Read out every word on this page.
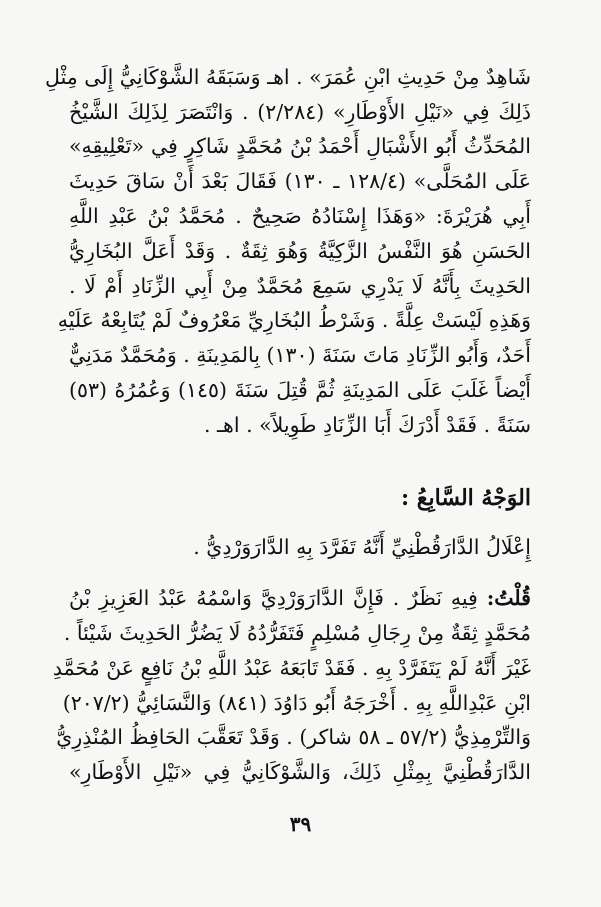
شَاهِدٌ مِنْ حَدِيثِ ابْنِ عُمَرَ» . اهـ وَسَبَقَهُ الشَّوْكَانِيُّ إِلَى مِثْلِ
ذَلِكَ فِي «نَيْلِ الأَوْطَارِ» (٢/٢٨٤) . وَانْتَصَرَ لِذَلِكَ الشَّيْخُ
المُحَدِّثُ أَبُو الأَشْبَالِ أَحْمَدُ بْنُ مُحَمَّدٍ شَاكِرٍ فِي «تَعْلِيقِهِ»
عَلَى المُحَلَّى» (١٢٨/٤ ـ ١٣٠) فَقَالَ بَعْدَ أَنْ سَاقَ حَدِيثَ
أَبِي هُرَيْرَةَ: «وَهَذَا إِسْنَادُهُ صَحِيحٌ . مُحَمَّدُ بْنُ عَبْدِ اللَّهِ
الحَسَنِ هُوَ النَّفْسُ الزَّكِيَّةُ وَهُوَ ثِقَةٌ . وَقَدْ أَعَلَّ البُخَارِيُّ
الحَدِيثَ بِأَنَّهُ لَا يَدْرِي سَمِعَ مُحَمَّدٌ مِنْ أَبِي الزِّنَادِ أَمْ لَا .
وَهَذِهِ لَيْسَتْ عِلَّةً . وَشَرْطُ البُخَارِيِّ مَعْرُوفٌ لَمْ يُتَابِعْهُ عَلَيْهِ
أَحَدٌ، وَأَبُو الزِّنَادِ مَاتَ سَنَةَ (١٣٠) بِالمَدِينَةِ . وَمُحَمَّدٌ مَدَنِيٌّ
أَيْضاً غَلَبَ عَلَى المَدِينَةِ ثُمَّ قُتِلَ سَنَةَ (١٤٥) وَعُمُرُهُ (٥٣)
سَنَةً . فَقَدْ أَدْرَكَ أَبَا الزِّنَادِ طَوِيلاً» . اهـ .
الوَجْهُ السَّابِعُ :
إِعْلَالُ الدَّارَقُطْنِيِّ أَنَّهُ تَفَرَّدَ بِهِ الدَّارَوَرْدِيُّ .
قُلْتُ: فِيهِ نَظَرٌ . فَإِنَّ الدَّارَوَرْدِيَّ وَاسْمُهُ عَبْدُ العَزِيزِ بْنُ
مُحَمَّدٍ ثِقَةٌ مِنْ رِجَالِ مُسْلِمٍ فَتَفَرُّدُهُ لَا يَضُرُّ الحَدِيثَ شَيْئاً .
غَيْرَ أَنَّهُ لَمْ يَتَفَرَّدْ بِهِ . فَقَدْ تَابَعَهُ عَبْدُ اللَّهِ بْنُ نَافِعٍ عَنْ مُحَمَّدِ
ابْنِ عَبْدِاللَّهِ بِهِ . أَخْرَجَهُ أَبُو دَاوُدَ (٨٤١) وَالنَّسَائِيُّ (٢٠٧/٢)
وَالتِّرْمِذِيُّ (٥٧/٢ ـ ٥٨ شاكر) . وَقَدْ تَعَقَّبَ الحَافِظُ المُنْذِرِيُّ
الدَّارَقُطْنِيَّ بِمِثْلِ ذَلِكَ، وَالشَّوْكَانِيُّ فِي «نَيْلِ الأَوْطَارِ»
٣٩
